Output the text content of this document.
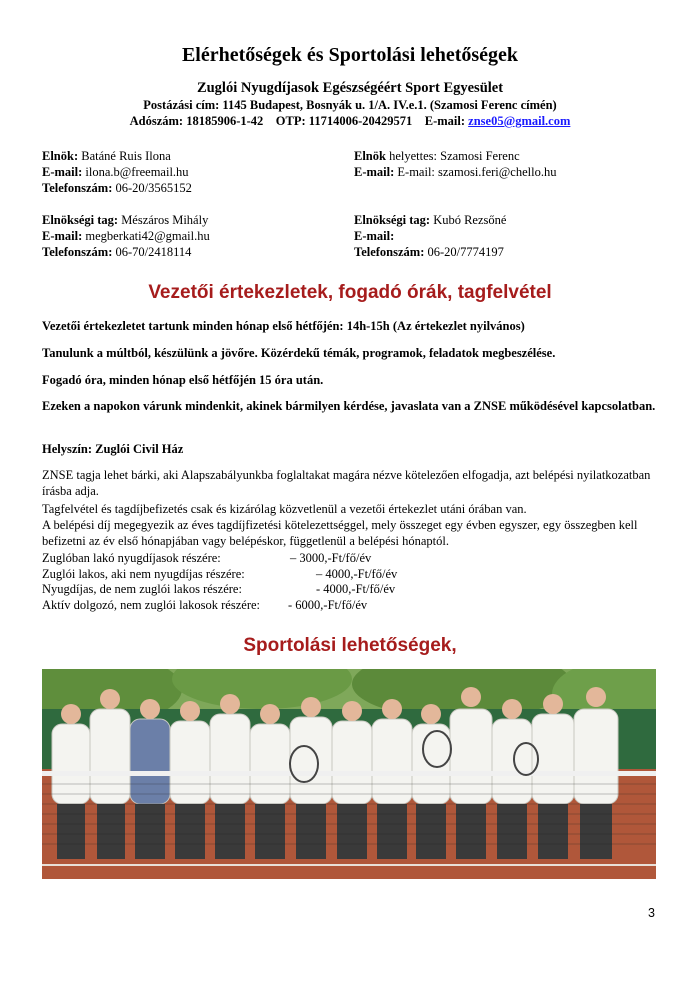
Elérhetőségek és Sportolási lehetőségek
Zuglói Nyugdíjasok Egészségéért Sport Egyesület
Postázási cím: 1145 Budapest, Bosnyák u. 1/A. IV.e.1. (Szamosi Ferenc címén)
Adószám: 18185906-1-42 OTP: 11714006-20429571 E-mail: znse05@gmail.com
Elnök: Batáné Ruis Ilona
E-mail: ilona.b@freemail.hu
Telefonszám: 06-20/3565152
Elnök helyettes: Szamosi Ferenc
E-mail: E-mail: szamosi.feri@chello.hu
Elnökségi tag: Mészáros Mihály
E-mail: megberkati42@gmail.hu
Telefonszám: 06-70/2418114
Elnökségi tag: Kubó Rezsőné
E-mail:
Telefonszám: 06-20/7774197
Vezetői értekezletek, fogadó órák, tagfelvétel
Vezetői értekezletet tartunk minden hónap első hétfőjén: 14h-15h (Az értekezlet nyilvános)
Tanulunk a múltból, készülünk a jövőre. Közérdekű témák, programok, feladatok megbeszélése.
Fogadó óra, minden hónap első hétfőjén 15 óra után.
Ezeken a napokon várunk mindenkit, akinek bármilyen kérdése, javaslata van a ZNSE működésével kapcsolatban.
Helyszín: Zuglói Civil Ház
ZNSE tagja lehet bárki, aki Alapszabályunkba foglaltakat magára nézve kötelezően elfogadja, azt belépési nyilatkozatban írásba adja.
Tagfelvétel és tagdíjbefizetés csak és kizárólag közvetlenül a vezetői értekezlet utáni órában van.
A belépési díj megegyezik az éves tagdíjfizetési kötelezettséggel, mely összeget egy évben egyszer, egy összegben kell befizetni az év első hónapjában vagy belépéskor, függetlenül a belépési hónaptól.
Zuglóban lakó nyugdíjasok részére:	– 3000,-Ft/fő/év
Zuglói lakos, aki nem nyugdíjas részére:	– 4000,-Ft/fő/év
Nyugdíjas, de nem zuglói lakos részére:	- 4000,-Ft/fő/év
Aktív dolgozó, nem zuglói lakosok részére: - 6000,-Ft/fő/év
Sportolási lehetőségek,
3
